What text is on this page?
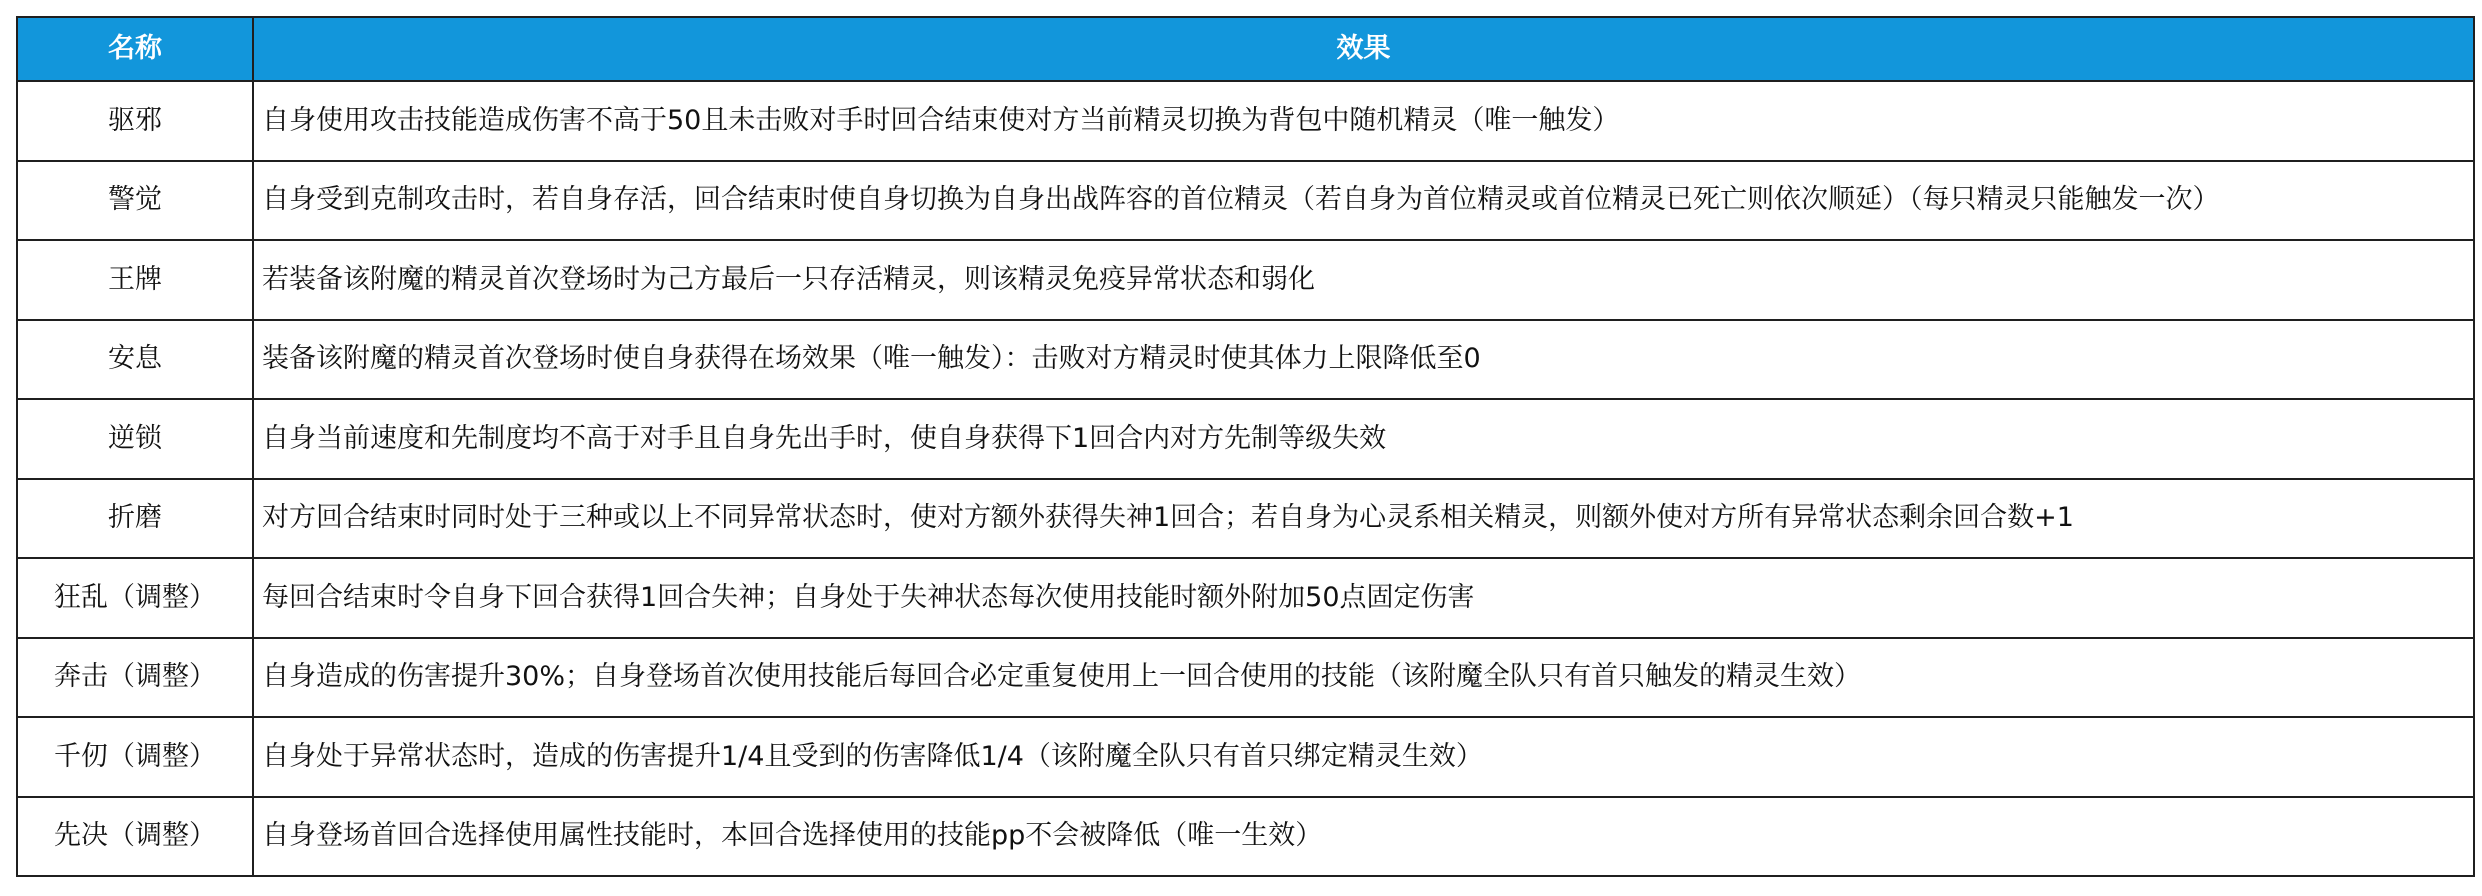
名称	效果
驱邪	自身使用攻击技能造成伤害不高于50且未击败对手时回合结束使对方当前精灵切换为背包中随机精灵（唯一触发）
警觉	自身受到克制攻击时，若自身存活，回合结束时使自身切换为自身出战阵容的首位精灵（若自身为首位精灵或首位精灵已死亡则依次顺延）（每只精灵只能触发一次）
王牌	若装备该附魔的精灵首次登场时为己方最后一只存活精灵，则该精灵免疫异常状态和弱化
安息	装备该附魔的精灵首次登场时使自身获得在场效果（唯一触发）：击败对方精灵时使其体力上限降低至0
逆锁	自身当前速度和先制度均不高于对手且自身先出手时，使自身获得下1回合内对方先制等级失效
折磨	对方回合结束时同时处于三种或以上不同异常状态时，使对方额外获得失神1回合；若自身为心灵系相关精灵，则额外使对方所有异常状态剩余回合数+1
狂乱（调整）	每回合结束时令自身下回合获得1回合失神；自身处于失神状态每次使用技能时额外附加50点固定伤害
奔击（调整）	自身造成的伤害提升30%；自身登场首次使用技能后每回合必定重复使用上一回合使用的技能（该附魔全队只有首只触发的精灵生效）
千仞（调整）	自身处于异常状态时，造成的伤害提升1/4且受到的伤害降低1/4（该附魔全队只有首只绑定精灵生效）
先决（调整）	自身登场首回合选择使用属性技能时，本回合选择使用的技能pp不会被降低（唯一生效）
